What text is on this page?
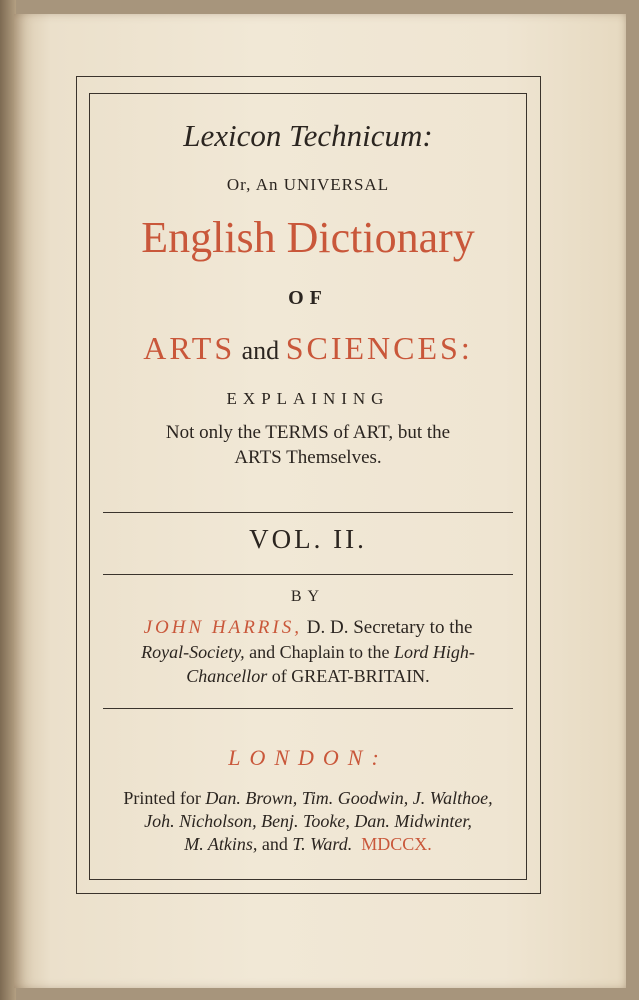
Lexicon Technicum:
Or, An UNIVERSAL
English Dictionary
OF
ARTS and SCIENCES:
EXPLAINING
Not only the TERMS of ART, but the
ARTS Themselves.
VOL. II.
BY
JOHN HARRIS, D. D. Secretary to the
Royal-Society, and Chaplain to the Lord High-
Chancellor of GREAT-BRITAIN.
LONDON:
Printed for Dan. Brown, Tim. Goodwin, J. Walthoe,
Joh. Nicholson, Benj. Tooke, Dan. Midwinter,
M. Atkins, and T. Ward. MDCCX.
